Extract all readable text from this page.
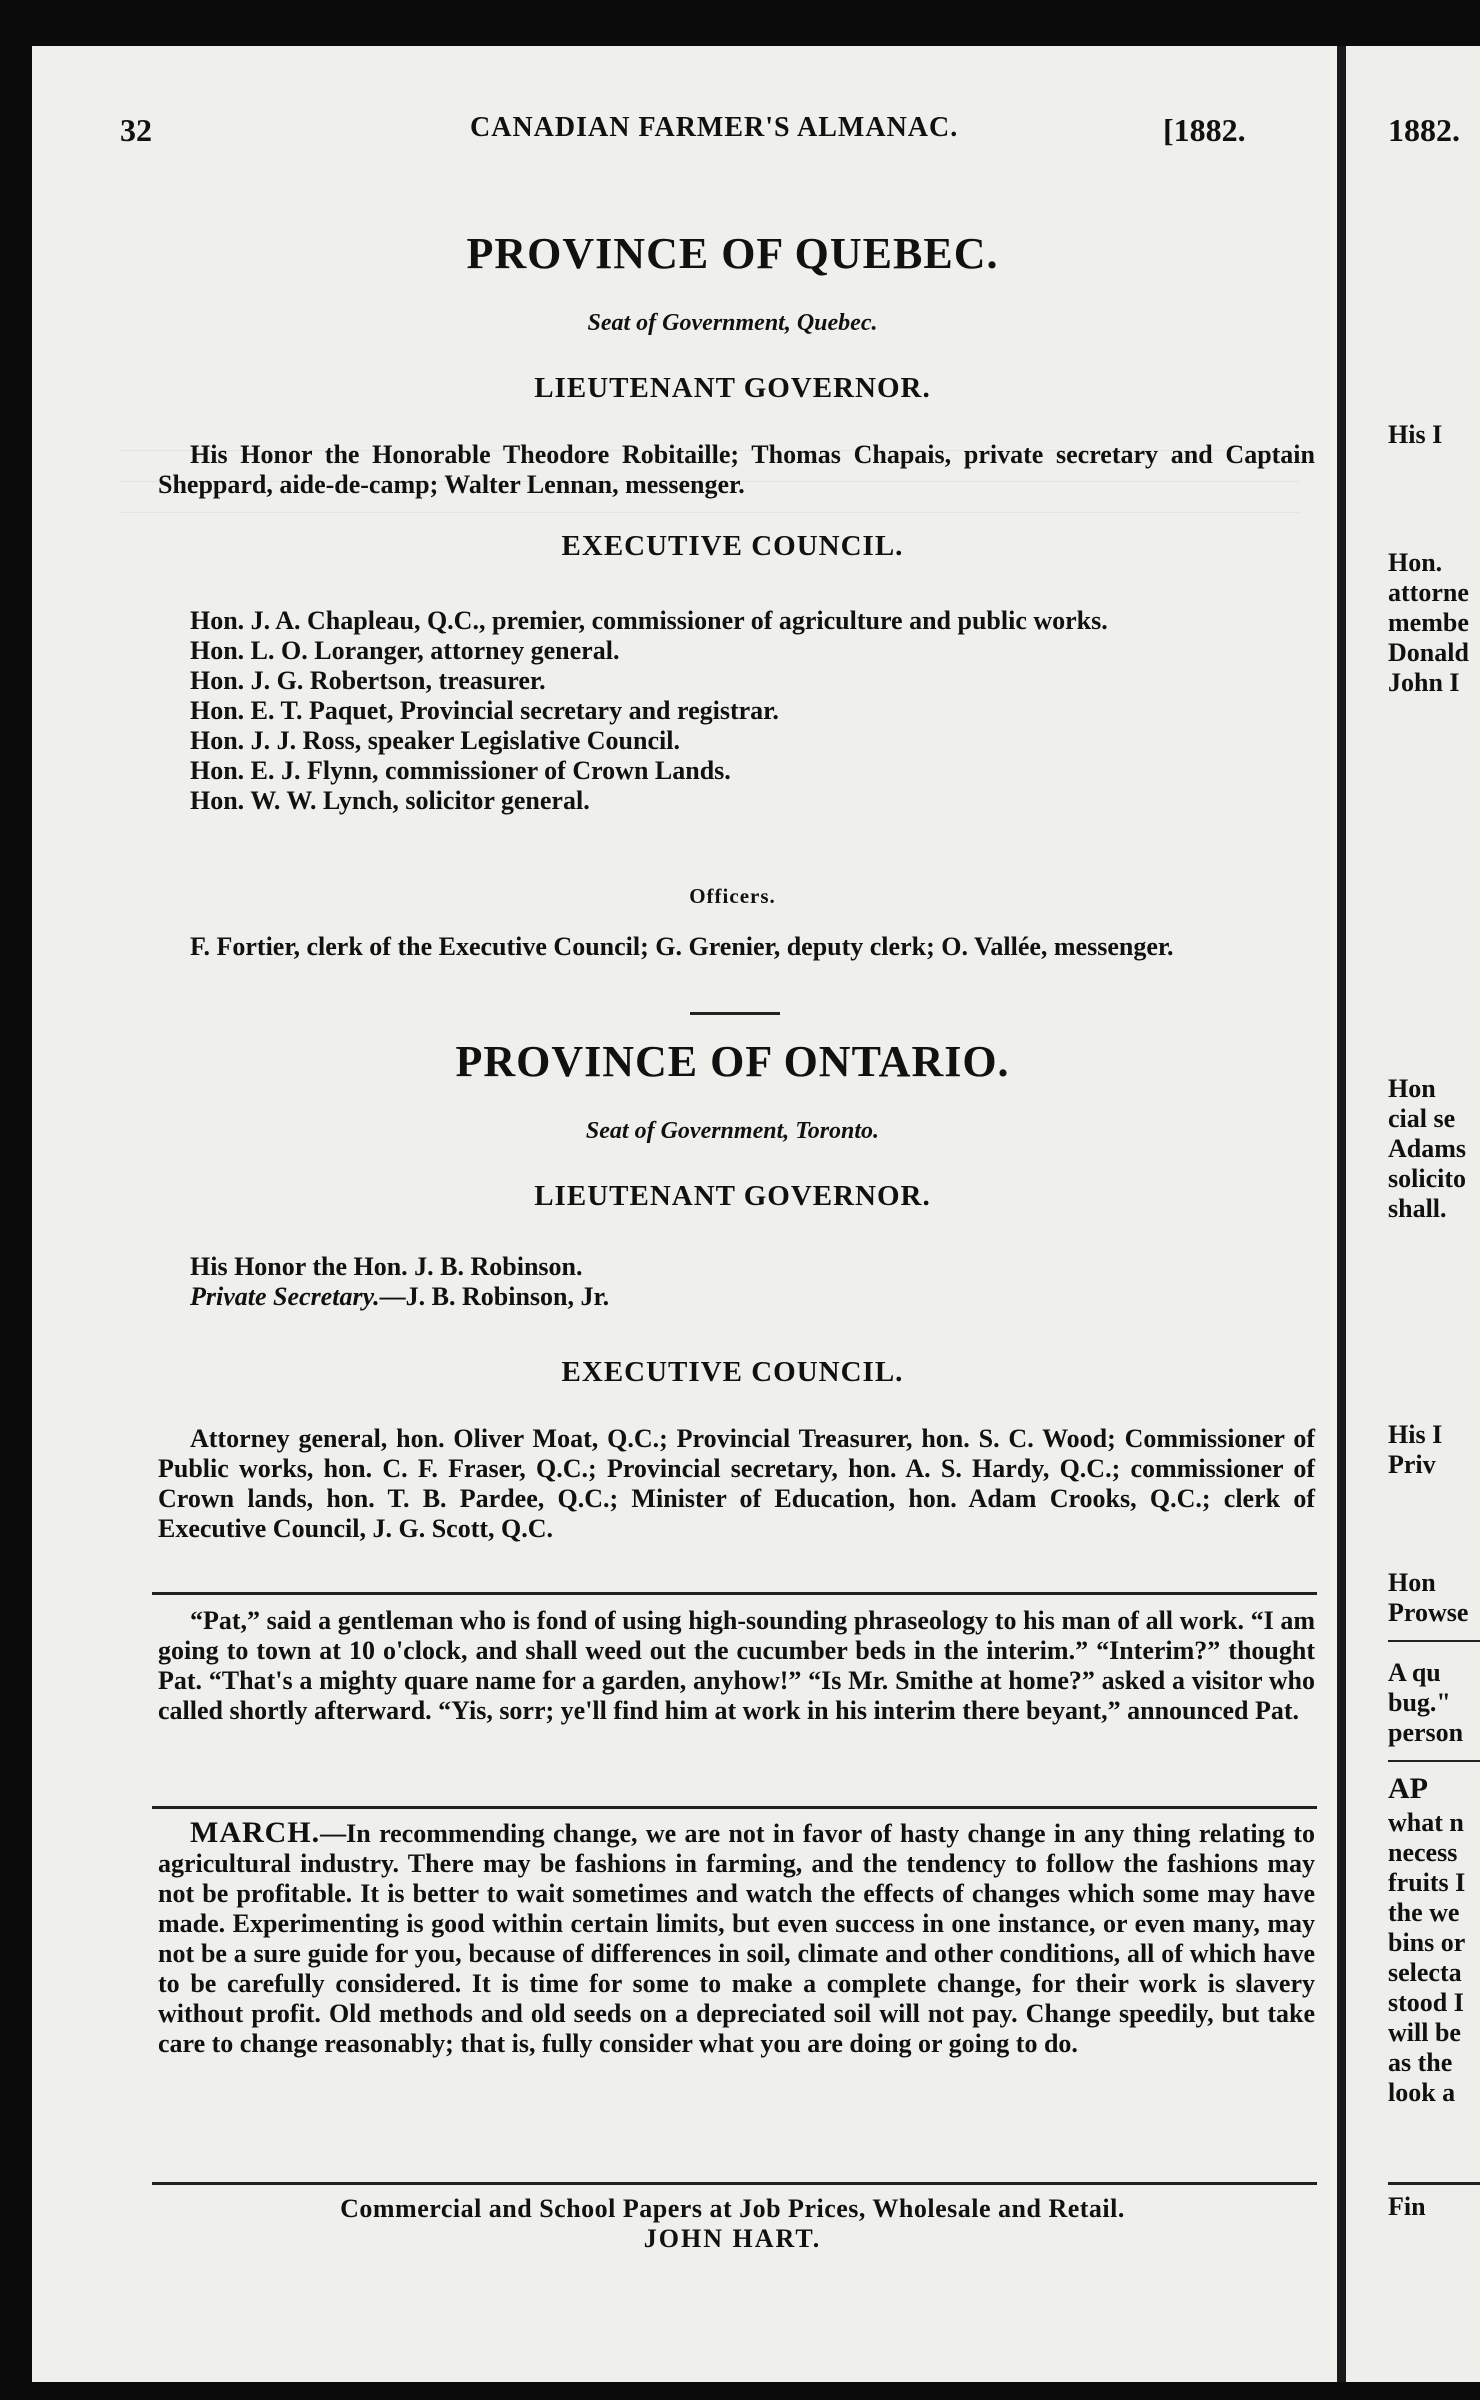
32	CANADIAN FARMER'S ALMANAC.	[1882.	1882.
PROVINCE OF QUEBEC.
Seat of Government, Quebec.
LIEUTENANT GOVERNOR.
His Honor the Honorable Theodore Robitaille; Thomas Chapais, private secretary and Captain Sheppard, aide-de-camp; Walter Lennan, messenger.
EXECUTIVE COUNCIL.
Hon. J. A. Chapleau, Q.C., premier, commissioner of agriculture and public works.
Hon. L. O. Loranger, attorney general.
Hon. J. G. Robertson, treasurer.
Hon. E. T. Paquet, Provincial secretary and registrar.
Hon. J. J. Ross, speaker Legislative Council.
Hon. E. J. Flynn, commissioner of Crown Lands.
Hon. W. W. Lynch, solicitor general.
Officers.
F. Fortier, clerk of the Executive Council; G. Grenier, deputy clerk; O. Vallée, messenger.
PROVINCE OF ONTARIO.
Seat of Government, Toronto.
LIEUTENANT GOVERNOR.
His Honor the Hon. J. B. Robinson.
Private Secretary.—J. B. Robinson, Jr.
EXECUTIVE COUNCIL.
Attorney general, hon. Oliver Moat, Q.C.; Provincial Treasurer, hon. S. C. Wood; Commissioner of Public works, hon. C. F. Fraser, Q.C.; Provincial secretary, hon. A. S. Hardy, Q.C.; commissioner of Crown lands, hon. T. B. Pardee, Q.C.; Minister of Education, hon. Adam Crooks, Q.C.; clerk of Executive Council, J. G. Scott, Q.C.
“Pat,” said a gentleman who is fond of using high-sounding phraseology to his man of all work. “I am going to town at 10 o'clock, and shall weed out the cucumber beds in the interim.” “Interim?” thought Pat. “That's a mighty quare name for a garden, anyhow!” “Is Mr. Smithe at home?” asked a visitor who called shortly afterward. “Yis, sorr; ye'll find him at work in his interim there beyant,” announced Pat.
MARCH.—In recommending change, we are not in favor of hasty change in any thing relating to agricultural industry. There may be fashions in farming, and the tendency to follow the fashions may not be profitable. It is better to wait sometimes and watch the effects of changes which some may have made. Experimenting is good within certain limits, but even success in one instance, or even many, may not be a sure guide for you, because of differences in soil, climate and other conditions, all of which have to be carefully considered. It is time for some to make a complete change, for their work is slavery without profit. Old methods and old seeds on a depreciated soil will not pay. Change speedily, but take care to change reasonably; that is, fully consider what you are doing or going to do.
Commercial and School Papers at Job Prices, Wholesale and Retail.
JOHN HART.
His I
Hon.
attorne
membe
Donald
John I
Hon
cial se
Adams
solicito
shall.
His I
Priv
Hon
Prowse
A qu
bug."
person
AP
what n
necess
fruits I
the we
bins or
selecta
stood I
will be
as the
look a
Fin
